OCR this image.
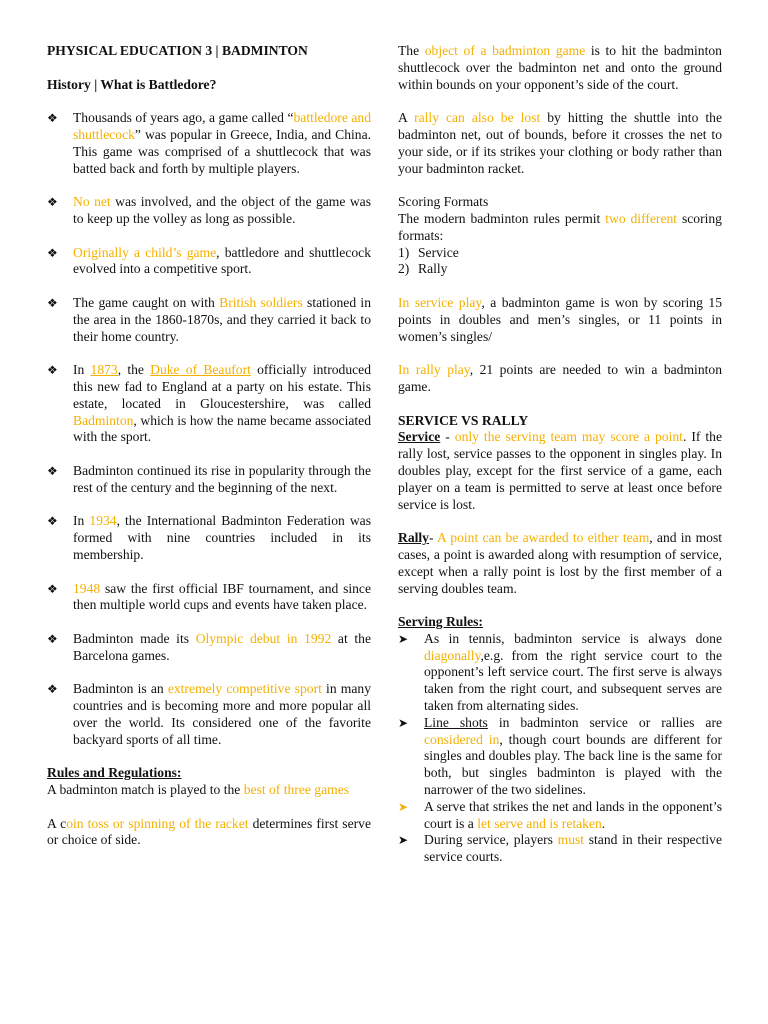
PHYSICAL EDUCATION 3 | BADMINTON

History | What is Battledore?

❖	Thousands of years ago, a game called “battledore and shuttlecock” was popular in Greece, India, and China. This game was comprised of a shuttlecock that was batted back and forth by multiple players.
❖	No net was involved, and the object of the game was to keep up the volley as long as possible.
❖	Originally a child’s game, battledore and shuttlecock evolved into a competitive sport.
❖	The game caught on with British soldiers stationed in the area in the 1860-1870s, and they carried it back to their home country.
❖	In 1873, the Duke of Beaufort officially introduced this new fad to England at a party on his estate. This estate, located in Gloucestershire, was called Badminton, which is how the name became associated with the sport.
❖	Badminton continued its rise in popularity through the rest of the century and the beginning of the next.
❖	In 1934, the International Badminton Federation was formed with nine countries included in its membership.
❖	1948 saw the first official IBF tournament, and since then multiple world cups and events have taken place.
❖	Badminton made its Olympic debut in 1992 at the Barcelona games.
❖	Badminton is an extremely competitive sport in many countries and is becoming more and more popular all over the world. Its considered one of the favorite backyard sports of all time.

Rules and Regulations:

A badminton match is played to the best of three games

A coin toss or spinning of the racket determines first serve or choice of side.

The object of a badminton game is to hit the badminton shuttlecock over the badminton net and onto the ground within bounds on your opponent’s side of the court.

A rally can also be lost by hitting the shuttle into the badminton net, out of bounds, before it crosses the net to your side, or if its strikes your clothing or body rather than your badminton racket.

Scoring Formats

The modern badminton rules permit two different scoring formats:

1) Service
2) Rally

In service play, a badminton game is won by scoring 15 points in doubles and men’s singles, or 11 points in women’s singles/

In rally play, 21 points are needed to win a badminton game.

SERVICE VS RALLY

Service - only the serving team may score a point. If the rally lost, service passes to the opponent in singles play. In doubles play, except for the first service of a game, each player on a team is permitted to serve at least once before service is lost.

Rally- A point can be awarded to either team, and in most cases, a point is awarded along with resumption of service, except when a rally point is lost by the first member of a serving doubles team.

Serving Rules:

➤	As in tennis, badminton service is always done diagonally,e.g. from the right service court to the opponent’s left service court. The first serve is always taken from the right court, and subsequent serves are taken from alternating sides.
➤	Line shots in badminton service or rallies are considered in, though court bounds are different for singles and doubles play. The back line is the same for both, but singles badminton is played with the narrower of the two sidelines.
➤	A serve that strikes the net and lands in the opponent’s court is a let serve and is retaken.
➤	During service, players must stand in their respective service courts.
